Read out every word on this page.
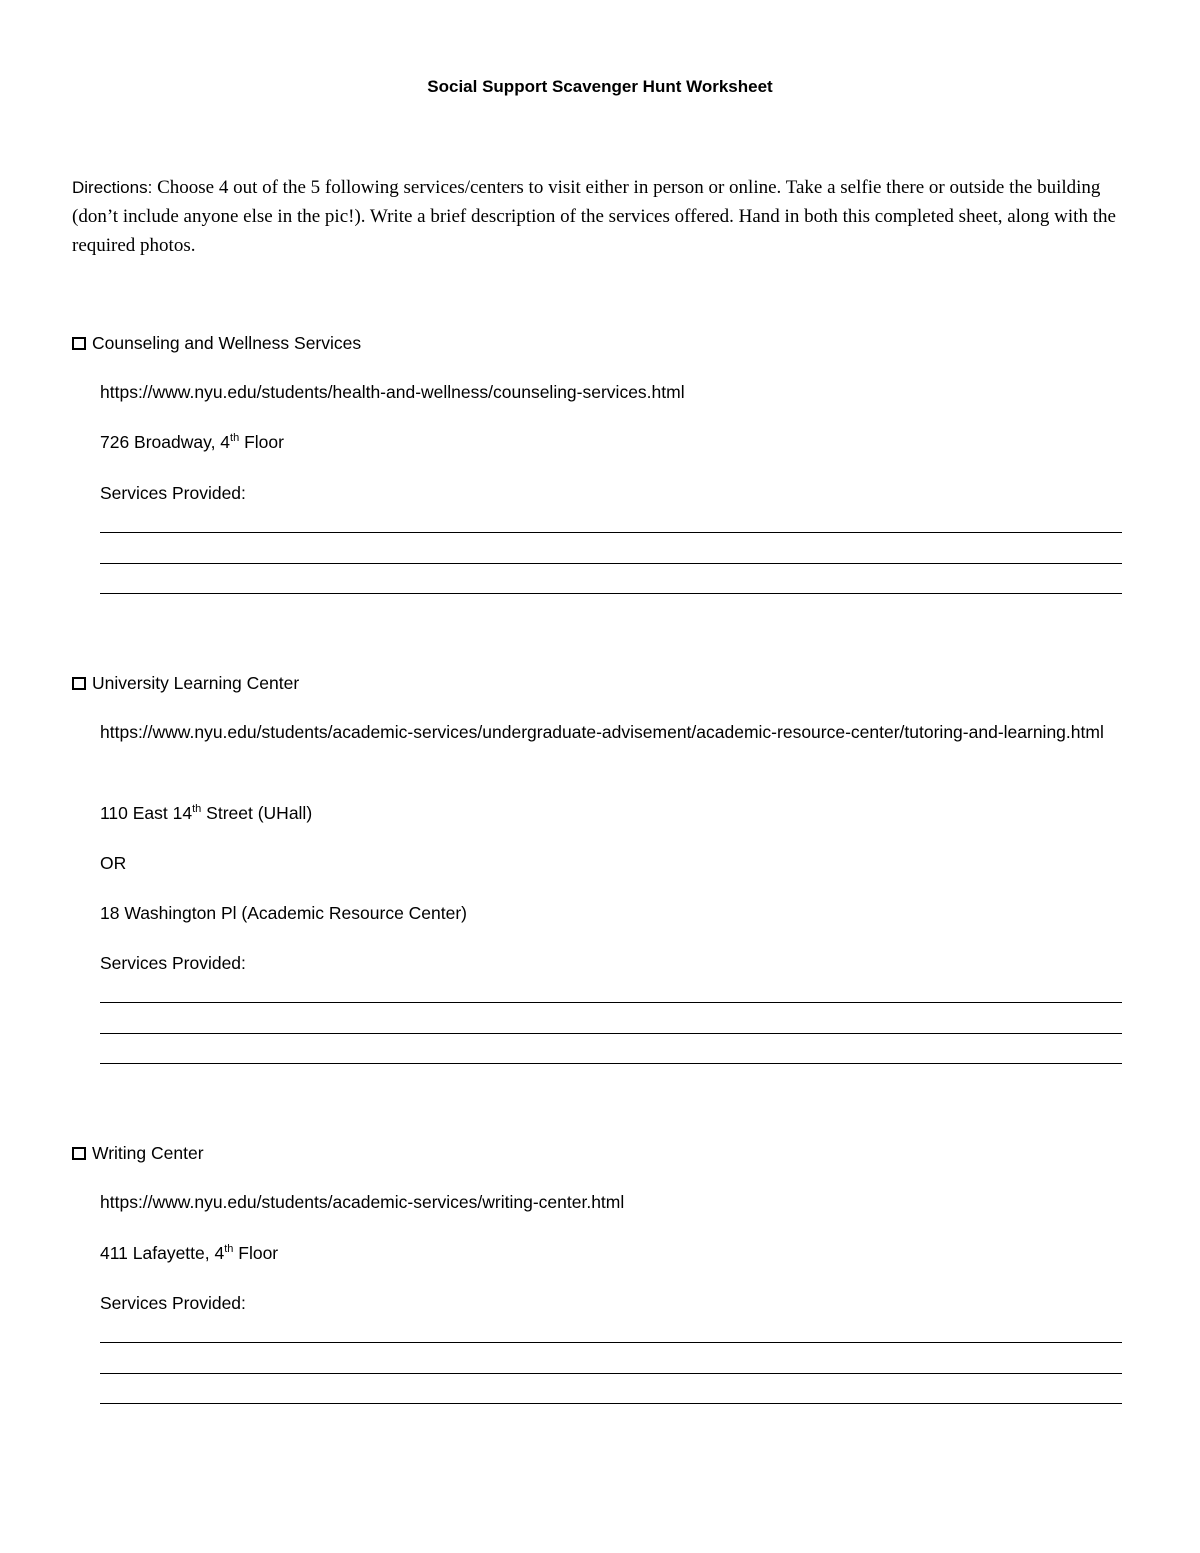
Social Support Scavenger Hunt Worksheet
Directions: Choose 4 out of the 5 following services/centers to visit either in person or online. Take a selfie there or outside the building (don’t include anyone else in the pic!). Write a brief description of the services offered. Hand in both this completed sheet, along with the required photos.
Counseling and Wellness Services
https://www.nyu.edu/students/health-and-wellness/counseling-services.html
726 Broadway, 4th Floor
Services Provided:
University Learning Center
https://www.nyu.edu/students/academic-services/undergraduate-advisement/academic-resource-center/tutoring-and-learning.html
110 East 14th Street (UHall)
OR
18 Washington Pl (Academic Resource Center)
Services Provided:
Writing Center
https://www.nyu.edu/students/academic-services/writing-center.html
411 Lafayette, 4th Floor
Services Provided:
